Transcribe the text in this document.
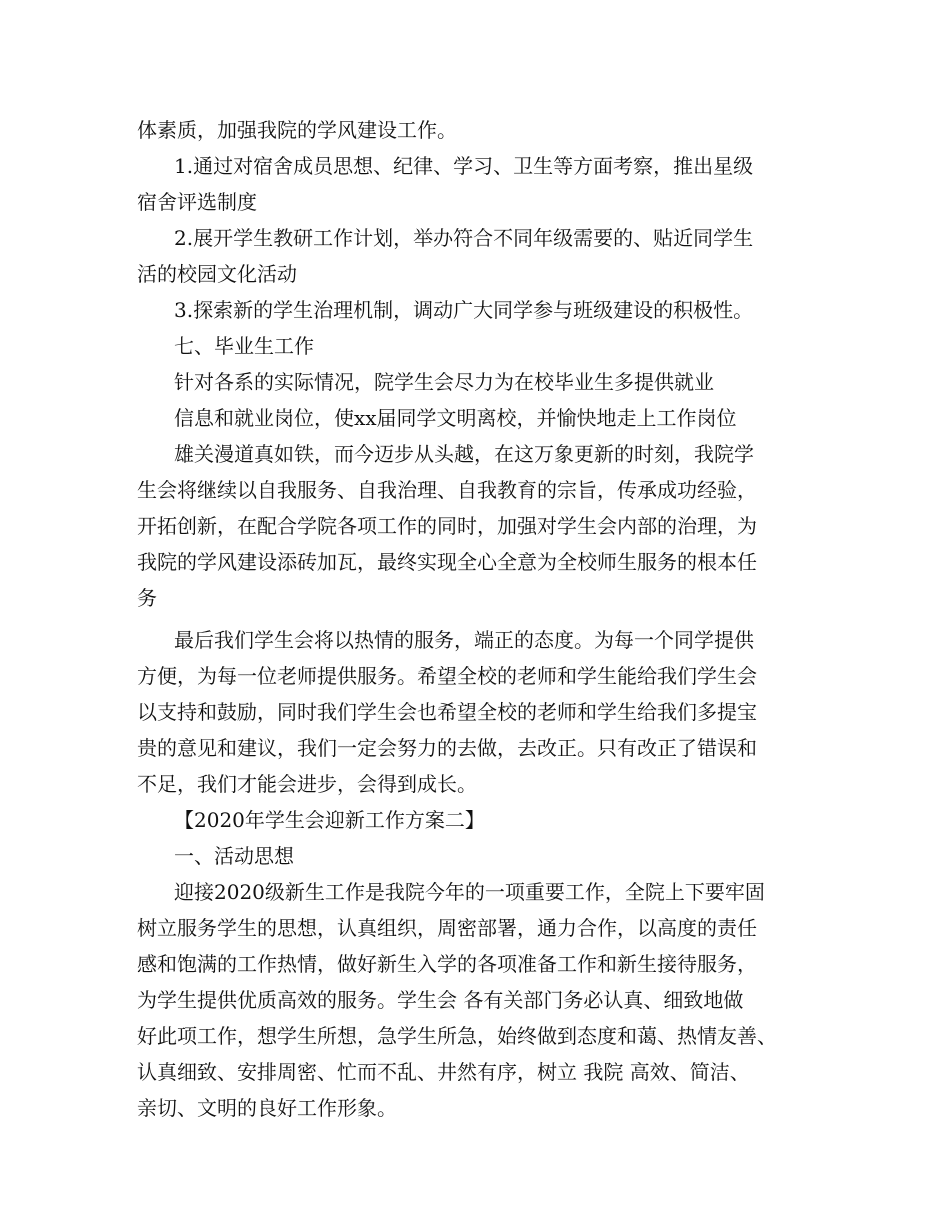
体素质，加强我院的学风建设工作。
1.通过对宿舍成员思想、纪律、学习、卫生等方面考察，推出星级
宿舍评选制度
2.展开学生教研工作计划，举办符合不同年级需要的、贴近同学生
活的校园文化活动
3.探索新的学生治理机制，调动广大同学参与班级建设的积极性。
七、毕业生工作
针对各系的实际情况，院学生会尽力为在校毕业生多提供就业
信息和就业岗位，使xx届同学文明离校，并愉快地走上工作岗位
雄关漫道真如铁，而今迈步从头越，在这万象更新的时刻，我院学
生会将继续以自我服务、自我治理、自我教育的宗旨，传承成功经验，
开拓创新，在配合学院各项工作的同时，加强对学生会内部的治理，为
我院的学风建设添砖加瓦，最终实现全心全意为全校师生服务的根本任
务
最后我们学生会将以热情的服务，端正的态度。为每一个同学提供
方便，为每一位老师提供服务。希望全校的老师和学生能给我们学生会
以支持和鼓励，同时我们学生会也希望全校的老师和学生给我们多提宝
贵的意见和建议，我们一定会努力的去做，去改正。只有改正了错误和
不足，我们才能会进步，会得到成长。
【2020年学生会迎新工作方案二】
一、活动思想
迎接2020级新生工作是我院今年的一项重要工作，全院上下要牢固
树立服务学生的思想，认真组织，周密部署，通力合作，以高度的责任
感和饱满的工作热情，做好新生入学的各项准备工作和新生接待服务，
为学生提供优质高效的服务。学生会 各有关部门务必认真、细致地做
好此项工作，想学生所想，急学生所急，始终做到态度和蔼、热情友善、
认真细致、安排周密、忙而不乱、井然有序，树立 我院 高效、简洁、
亲切、文明的良好工作形象。
